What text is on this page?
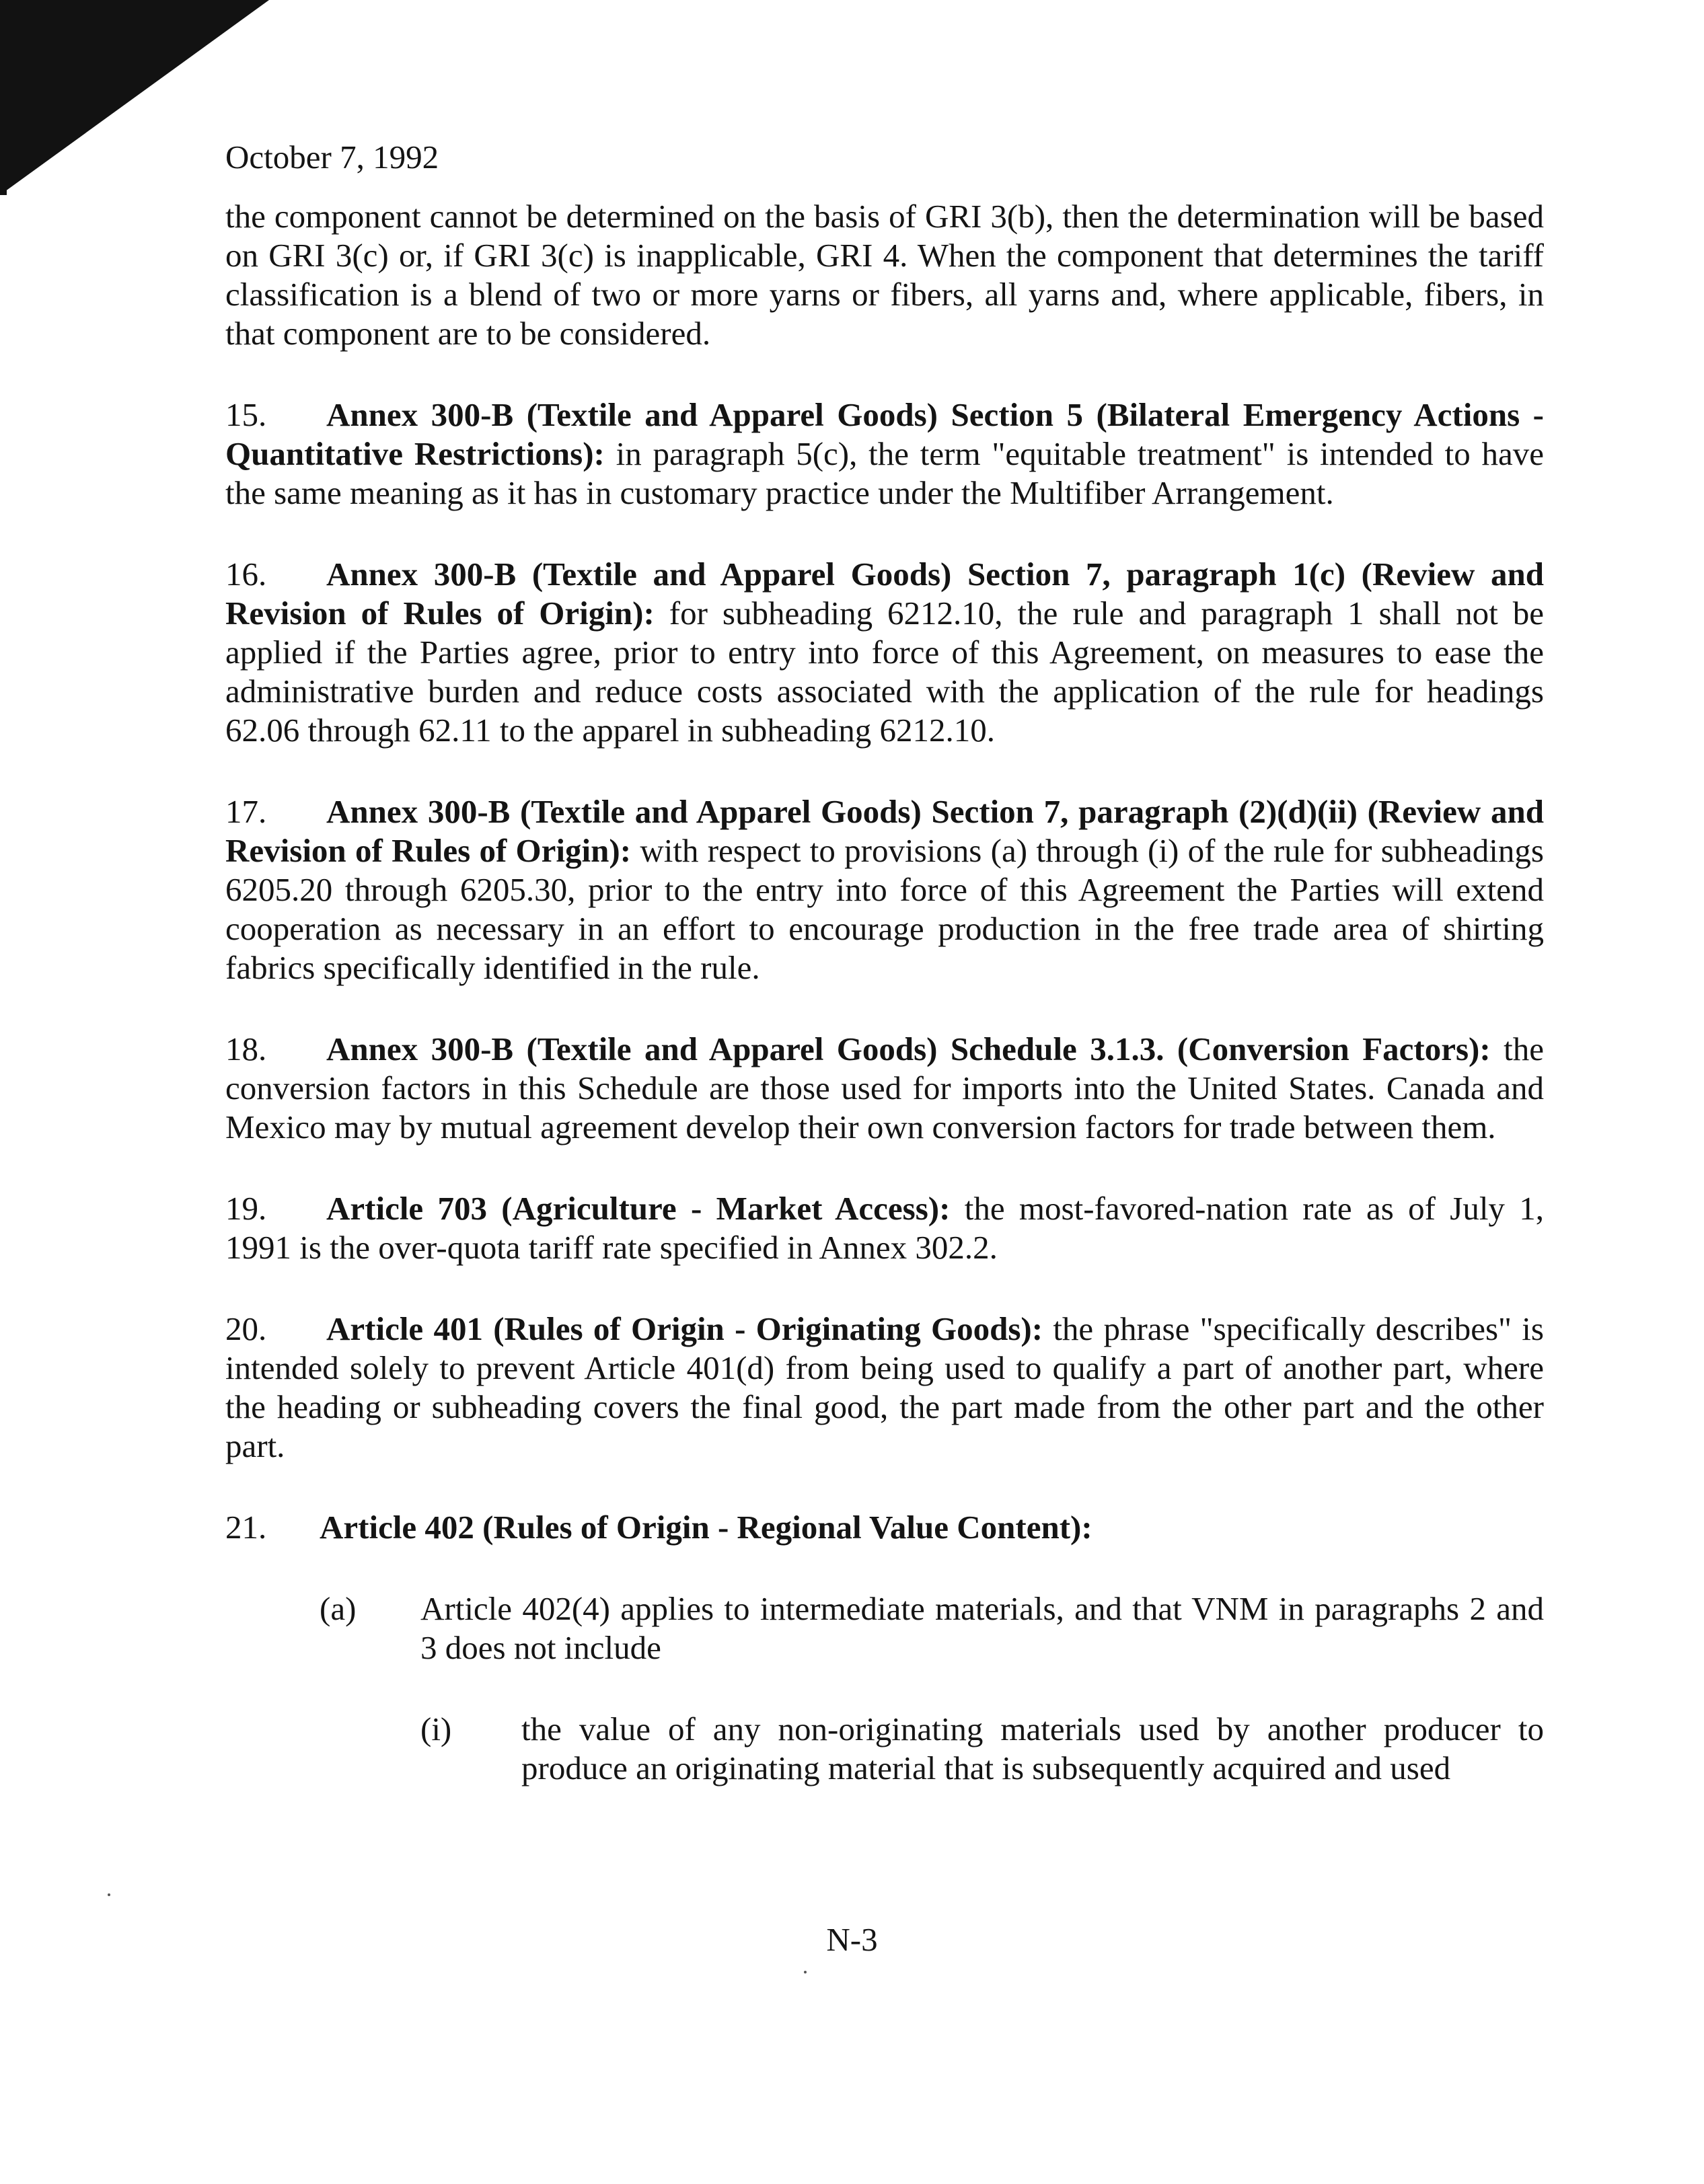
October 7, 1992

the component cannot be determined on the basis of GRI 3(b), then the determination will be based on GRI 3(c) or, if GRI 3(c) is inapplicable, GRI 4. When the component that determines the tariff classification is a blend of two or more yarns or fibers, all yarns and, where applicable, fibers, in that component are to be considered.

15. Annex 300-B (Textile and Apparel Goods) Section 5 (Bilateral Emergency Actions - Quantitative Restrictions): in paragraph 5(c), the term "equitable treatment" is intended to have the same meaning as it has in customary practice under the Multifiber Arrangement.
16. Annex 300-B (Textile and Apparel Goods) Section 7, paragraph 1(c) (Review and Revision of Rules of Origin): for subheading 6212.10, the rule and paragraph 1 shall not be applied if the Parties agree, prior to entry into force of this Agreement, on measures to ease the administrative burden and reduce costs associated with the application of the rule for headings 62.06 through 62.11 to the apparel in subheading 6212.10.
17. Annex 300-B (Textile and Apparel Goods) Section 7, paragraph (2)(d)(ii) (Review and Revision of Rules of Origin): with respect to provisions (a) through (i) of the rule for subheadings 6205.20 through 6205.30, prior to the entry into force of this Agreement the Parties will extend cooperation as necessary in an effort to encourage production in the free trade area of shirting fabrics specifically identified in the rule.
18. Annex 300-B (Textile and Apparel Goods) Schedule 3.1.3. (Conversion Factors): the conversion factors in this Schedule are those used for imports into the United States. Canada and Mexico may by mutual agreement develop their own conversion factors for trade between them.
19. Article 703 (Agriculture - Market Access): the most-favored-nation rate as of July 1, 1991 is the over-quota tariff rate specified in Annex 302.2.
20. Article 401 (Rules of Origin - Originating Goods): the phrase "specifically describes" is intended solely to prevent Article 401(d) from being used to qualify a part of another part, where the heading or subheading covers the final good, the part made from the other part and the other part.
21.	Article 402 (Rules of Origin - Regional Value Content):
(a)	Article 402(4) applies to intermediate materials, and that VNM in paragraphs 2 and 3 does not include
(i)	the value of any non-originating materials used by another producer to produce an originating material that is subsequently acquired and used
N-3
